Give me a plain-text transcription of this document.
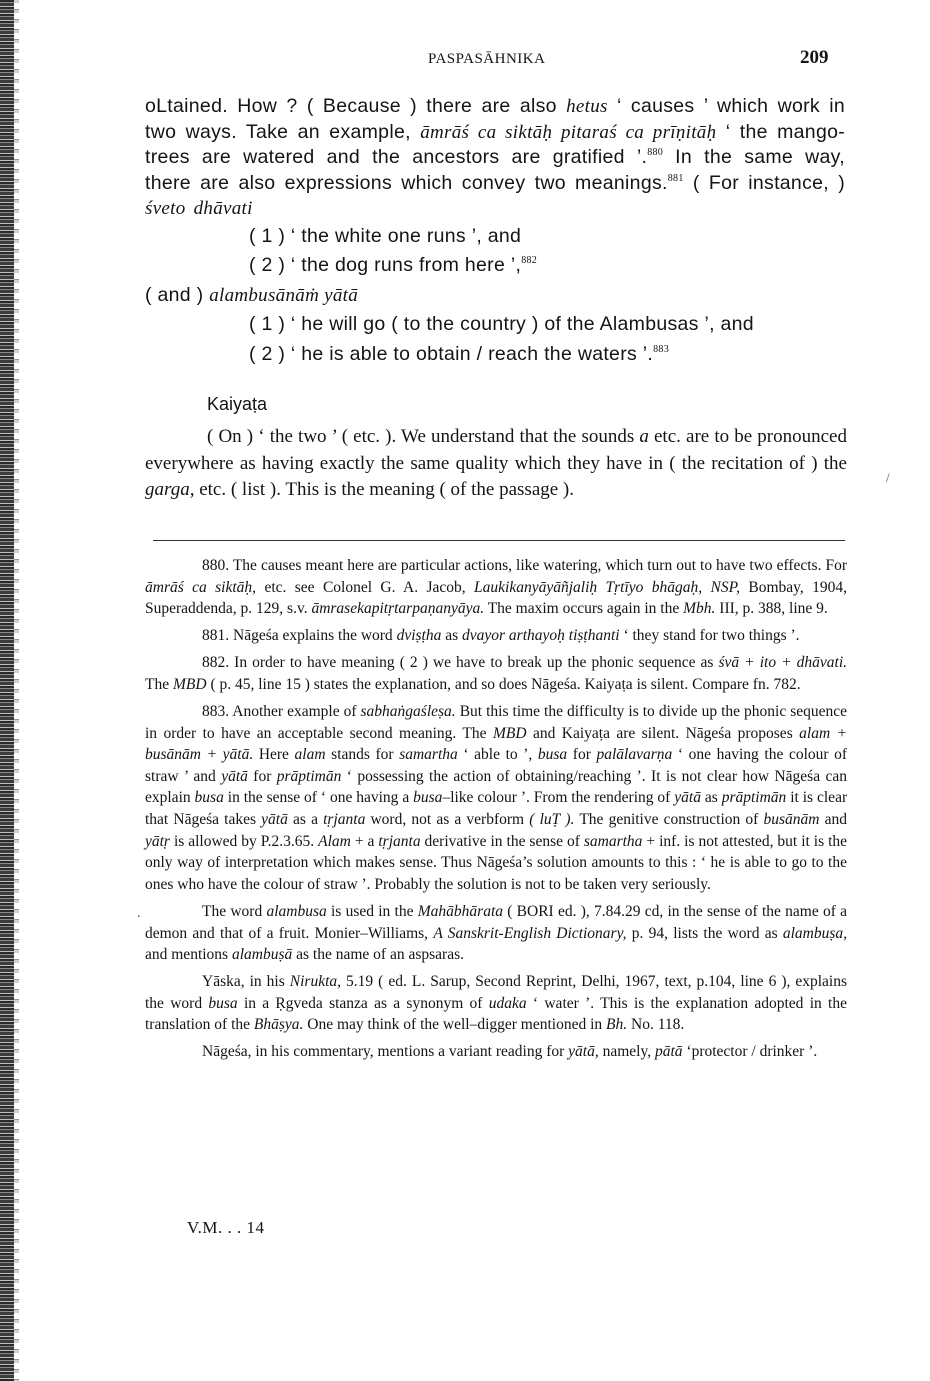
PASPASĀHNIKA	209

oLtained. How ? ( Because ) there are also hetus ‘ causes ’ which work in two ways. Take an example, āmrāś ca siktāḥ pitaraś ca prīṇitāḥ ‘ the mango-trees are watered and the ancestors are gratified ’.$^{880}$ In the same way, there are also expressions which convey two meanings.$^{881}$ ( For instance, ) śveto dhāvati

( 1 ) ‘ the white one runs ’, and

( 2 ) ‘ the dog runs from here ’,$^{882}$

( and ) alambusānāṁ yātā

( 1 ) ‘ he will go ( to the country ) of the Alambusas ’, and

( 2 ) ‘ he is able to obtain / reach the waters ’.$^{883}$

Kaiyaṭa

( On ) ‘ the two ’ ( etc. ). We understand that the sounds a etc. are to be pronounced everywhere as having exactly the same quality which they have in ( the recitation of ) the garga, etc. ( list ). This is the meaning ( of the passage ).

/

880. The causes meant here are particular actions, like watering, which turn out to have two effects. For āmrāś ca siktāḥ, etc. see Colonel G. A. Jacob, Laukikanyāyāñjaliḥ Tṛtīyo bhāgaḥ, NSP, Bombay, 1904, Superaddenda, p. 129, s.v. āmrasekapitṛtarpaṇanyāya. The maxim occurs again in the Mbh. III, p. 388, line 9.

881. Nāgeśa explains the word dviṣṭha as dvayor arthayoḥ tiṣṭhanti ‘ they stand for two things ’.

882. In order to have meaning ( 2 ) we have to break up the phonic sequence as śvā + ito + dhāvati. The MBD ( p. 45, line 15 ) states the explanation, and so does Nāgeśa. Kaiyaṭa is silent. Compare fn. 782.

883. Another example of sabhaṅgaśleṣa. But this time the difficulty is to divide up the phonic sequence in order to have an acceptable second meaning. The MBD and Kaiyaṭa are silent. Nāgeśa proposes alam + busānām + yātā. Here alam stands for samartha ‘ able to ’, busa for palālavarṇa ‘ one having the colour of straw ’ and yātā for prāptimān ‘ possessing the action of obtaining/reaching ’. It is not clear how Nāgeśa can explain busa in the sense of ‘ one having a busa–like colour ’. From the rendering of yātā as prāptimān it is clear that Nāgeśa takes yātā as a tṛjanta word, not as a verbform ( luṬ ). The genitive construction of busānām and yātṛ is allowed by P.2.3.65. Alam + a tṛjanta derivative in the sense of samartha + inf. is not attested, but it is the only way of interpretation which makes sense. Thus Nāgeśa’s solution amounts to this : ‘ he is able to go to the ones who have the colour of straw ’. Probably the solution is not to be taken very seriously.

The word alambusa is used in the Mahābhārata ( BORI ed. ), 7.84.29 cd, in the sense of the name of a demon and that of a fruit. Monier–Williams, A Sanskrit-English Dictionary, p. 94, lists the word as alambuṣa, and mentions alambuṣā as the name of an aspsaras.

Yāska, in his Nirukta, 5.19 ( ed. L. Sarup, Second Reprint, Delhi, 1967, text, p.104, line 6 ), explains the word busa in a Ṛgveda stanza as a synonym of udaka ‘ water ’. This is the explanation adopted in the translation of the Bhāṣya. One may think of the well–digger mentioned in Bh. No. 118.

Nāgeśa, in his commentary, mentions a variant reading for yātā, namely, pātā ‘protector / drinker ’.

.
V.M. . . 14
